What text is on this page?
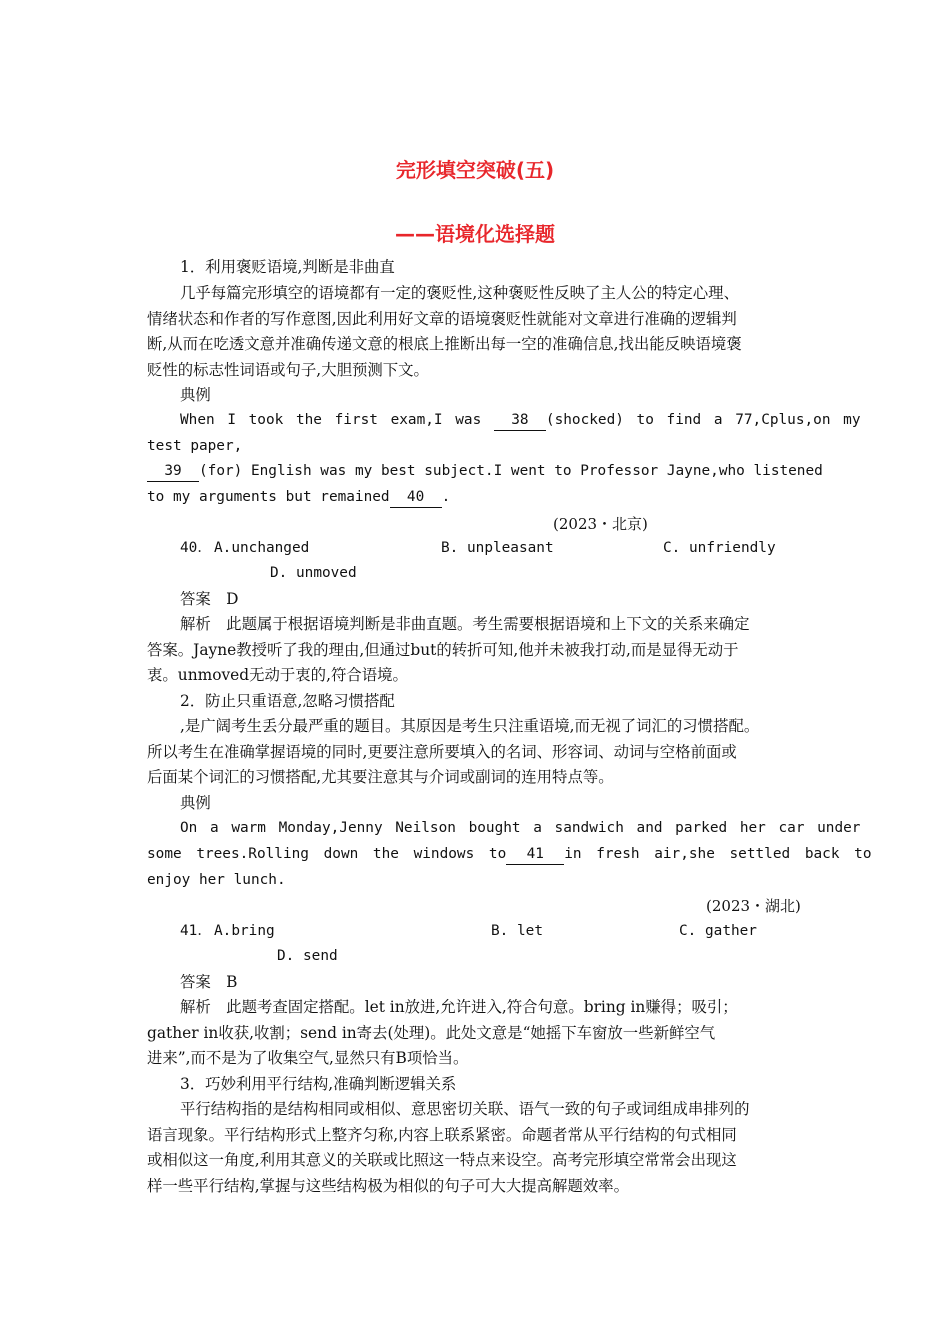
完形填空突破(五)
——语境化选择题
1．利用褒贬语境,判断是非曲直
几乎每篇完形填空的语境都有一定的褒贬性,这种褒贬性反映了主人公的特定心理、
情绪状态和作者的写作意图,因此利用好文章的语境褒贬性就能对文章进行准确的逻辑判
断,从而在吃透文意并准确传递文意的根底上推断出每一空的准确信息,找出能反映语境褒
贬性的标志性词语或句子,大胆预测下文。
典例
When I took the first exam,I was 38 (shocked) to find a 77,Cplus,on my
test paper,
39 (for) English was my best subject.I went to Professor Jayne,who listened
to my arguments but remained 40 .
(2023・北京)
40． A.unchanged	B. unpleasant	C. unfriendly
D. unmoved
答案　D
解析　此题属于根据语境判断是非曲直题。考生需要根据语境和上下文的关系来确定
答案。Jayne教授听了我的理由,但通过but的转折可知,他并未被我打动,而是显得无动于
衷。unmoved无动于衷的,符合语境。
2．防止只重语意,忽略习惯搭配
,是广阔考生丢分最严重的题目。其原因是考生只注重语境,而无视了词汇的习惯搭配。
所以考生在准确掌握语境的同时,更要注意所要填入的名词、形容词、动词与空格前面或
后面某个词汇的习惯搭配,尤其要注意其与介词或副词的连用特点等。
典例
On a warm Monday,Jenny Neilson bought a sandwich and parked her car under
some trees.Rolling down the windows to 41 in fresh air,she settled back to
enjoy her lunch.
(2023・湖北)
41． A.bring	B. let	C. gather
D. send
答案　B
解析　此题考查固定搭配。let in放进,允许进入,符合句意。bring in赚得；吸引；
gather in收获,收割；send in寄去(处理)。此处文意是“她摇下车窗放一些新鲜空气
进来”,而不是为了收集空气,显然只有B项恰当。
3．巧妙利用平行结构,准确判断逻辑关系
平行结构指的是结构相同或相似、意思密切关联、语气一致的句子或词组成串排列的
语言现象。平行结构形式上整齐匀称,内容上联系紧密。命题者常从平行结构的句式相同
或相似这一角度,利用其意义的关联或比照这一特点来设空。高考完形填空常常会出现这
样一些平行结构,掌握与这些结构极为相似的句子可大大提高解题效率。
